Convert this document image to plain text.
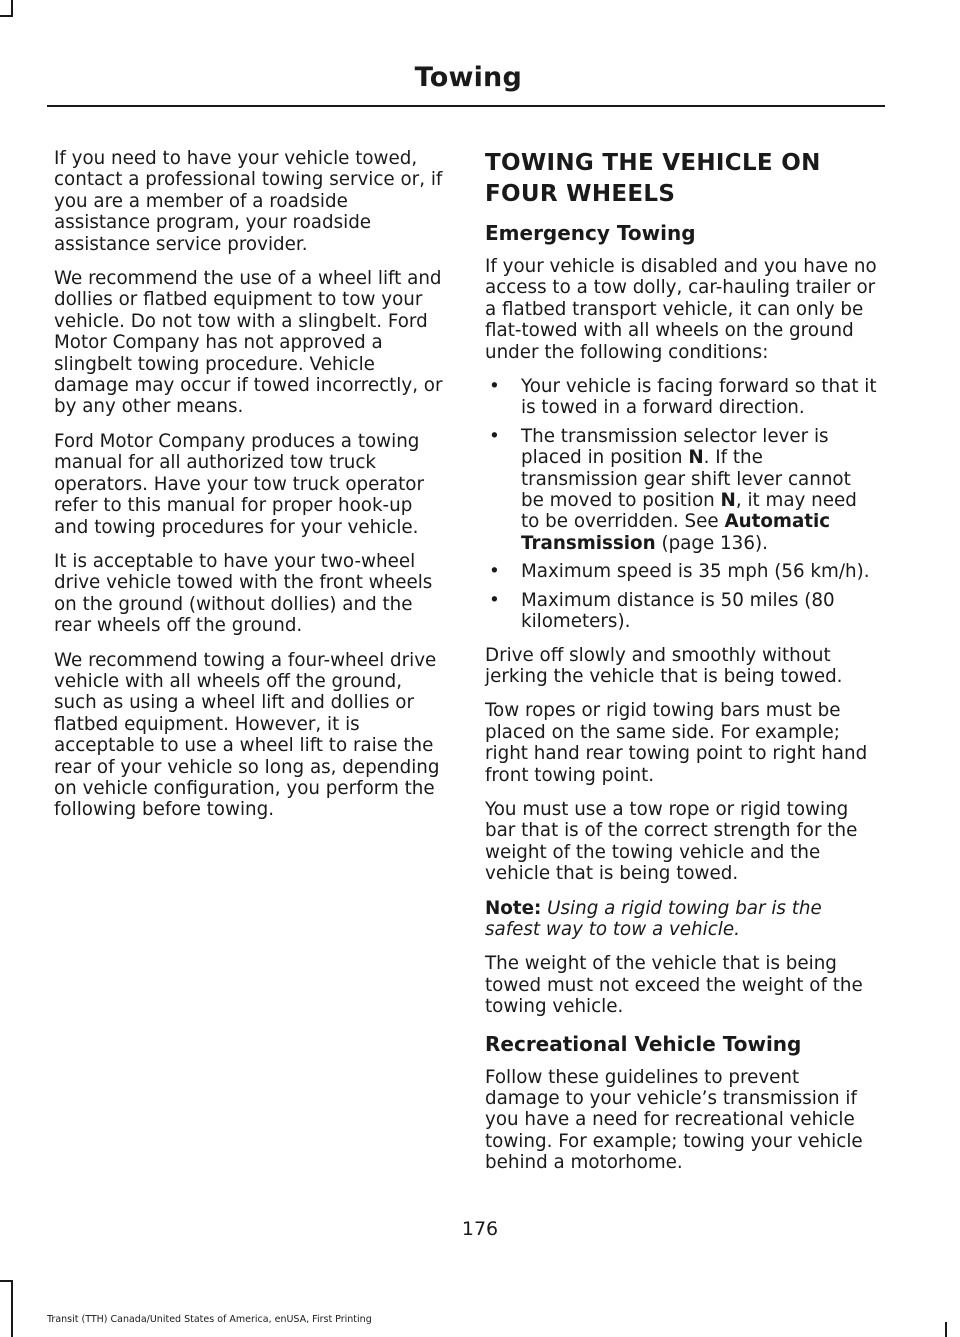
Towing

If you need to have your vehicle towed, contact a professional towing service or, if you are a member of a roadside assistance program, your roadside assistance service provider.

We recommend the use of a wheel lift and dollies or flatbed equipment to tow your vehicle. Do not tow with a slingbelt. Ford Motor Company has not approved a slingbelt towing procedure. Vehicle damage may occur if towed incorrectly, or by any other means.

Ford Motor Company produces a towing manual for all authorized tow truck operators. Have your tow truck operator refer to this manual for proper hook-up and towing procedures for your vehicle.

It is acceptable to have your two-wheel drive vehicle towed with the front wheels on the ground (without dollies) and the rear wheels off the ground.

We recommend towing a four-wheel drive vehicle with all wheels off the ground, such as using a wheel lift and dollies or flatbed equipment. However, it is acceptable to use a wheel lift to raise the rear of your vehicle so long as, depending on vehicle configuration, you perform the following before towing.

TOWING THE VEHICLE ON FOUR WHEELS
Emergency Towing

If your vehicle is disabled and you have no access to a tow dolly, car-hauling trailer or a flatbed transport vehicle, it can only be flat-towed with all wheels on the ground under the following conditions:

• Your vehicle is facing forward so that it is towed in a forward direction.
• The transmission selector lever is placed in position N. If the transmission gear shift lever cannot be moved to position N, it may need to be overridden. See Automatic Transmission (page 136).
• Maximum speed is 35 mph (56 km/h).
• Maximum distance is 50 miles (80 kilometers).

Drive off slowly and smoothly without jerking the vehicle that is being towed.

Tow ropes or rigid towing bars must be placed on the same side. For example; right hand rear towing point to right hand front towing point.

You must use a tow rope or rigid towing bar that is of the correct strength for the weight of the towing vehicle and the vehicle that is being towed.

Note: Using a rigid towing bar is the safest way to tow a vehicle.

The weight of the vehicle that is being towed must not exceed the weight of the towing vehicle.

Recreational Vehicle Towing

Follow these guidelines to prevent damage to your vehicle’s transmission if you have a need for recreational vehicle towing. For example; towing your vehicle behind a motorhome.

176
Transit (TTH) Canada/United States of America, enUSA, First Printing
